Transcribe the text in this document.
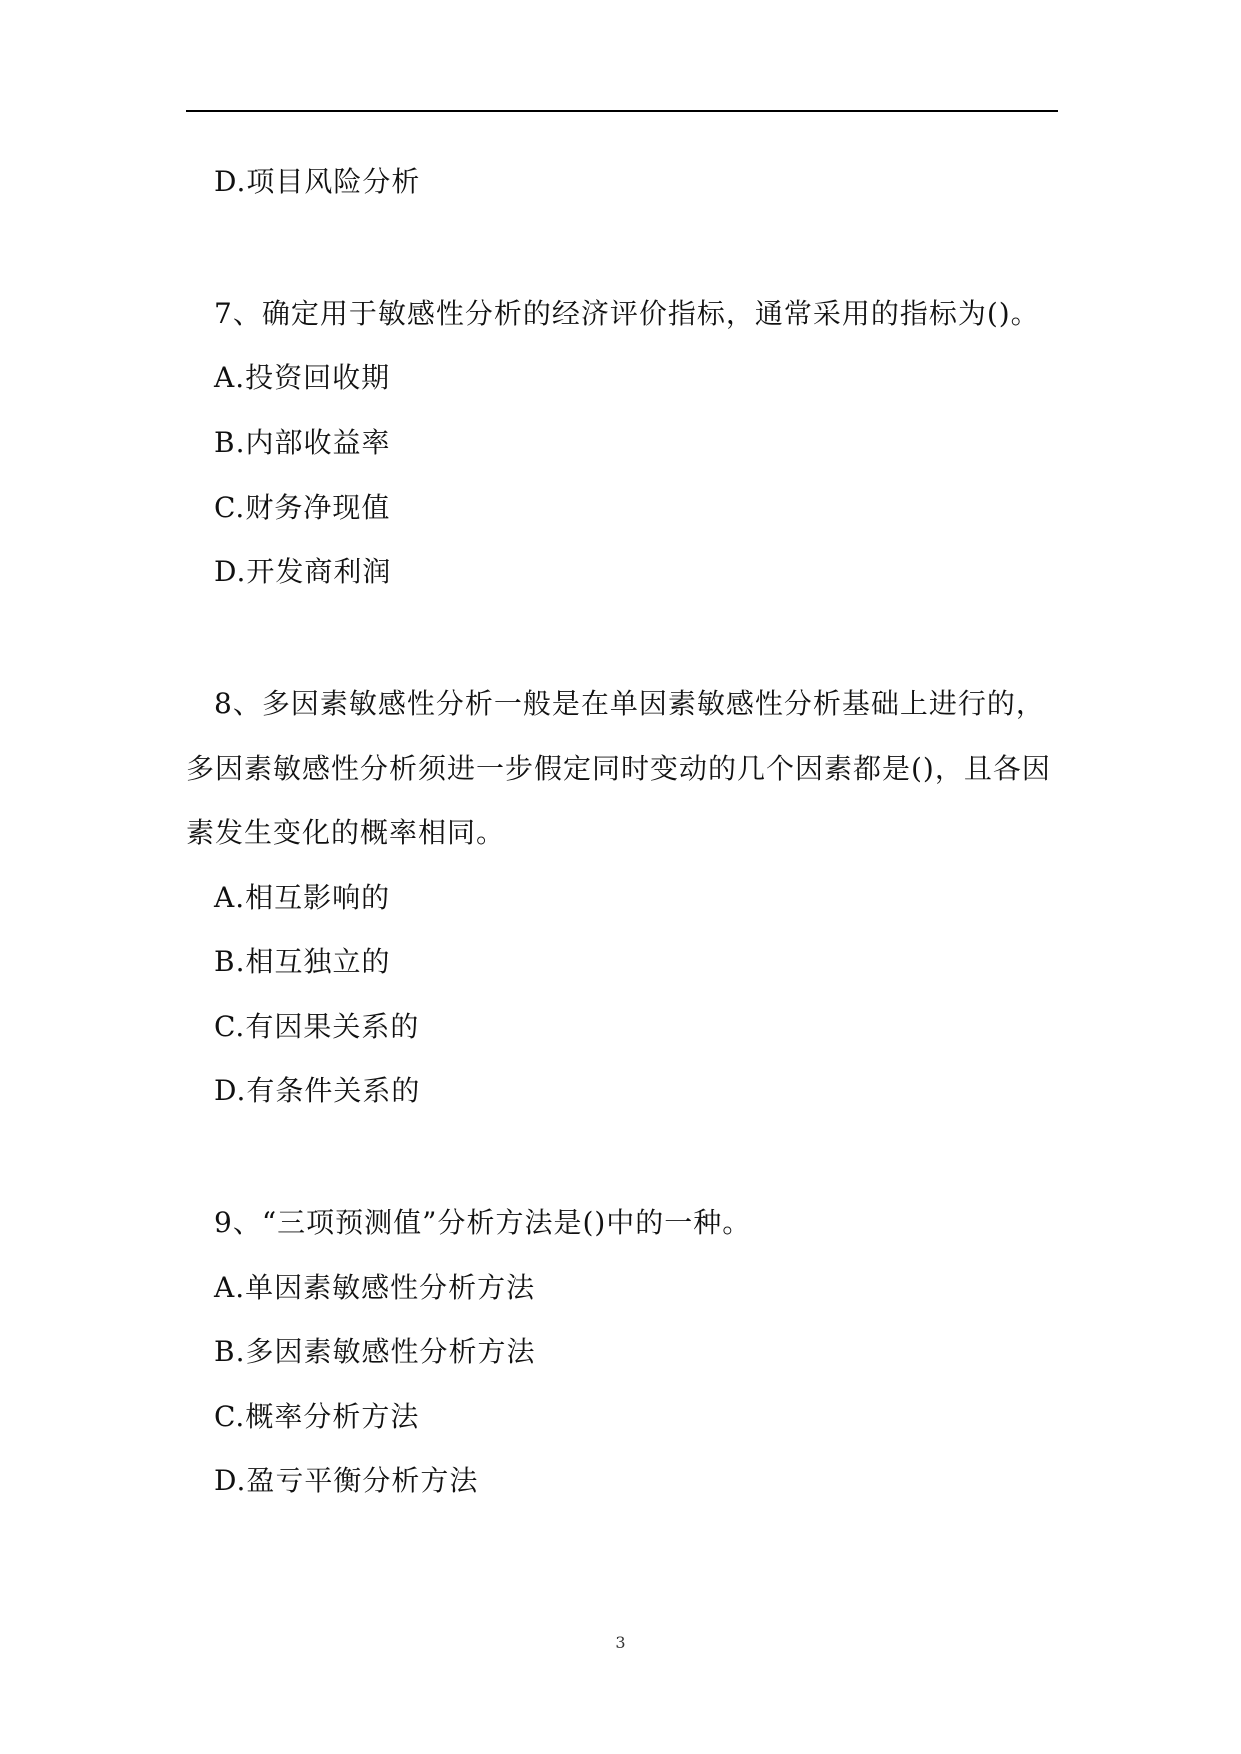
D.项目风险分析
7、确定用于敏感性分析的经济评价指标，通常采用的指标为()。
A.投资回收期
B.内部收益率
C.财务净现值
D.开发商利润
8、多因素敏感性分析一般是在单因素敏感性分析基础上进行的，
多因素敏感性分析须进一步假定同时变动的几个因素都是()，且各因
素发生变化的概率相同。
A.相互影响的
B.相互独立的
C.有因果关系的
D.有条件关系的
9、“三项预测值”分析方法是()中的一种。
A.单因素敏感性分析方法
B.多因素敏感性分析方法
C.概率分析方法
D.盈亏平衡分析方法
3
